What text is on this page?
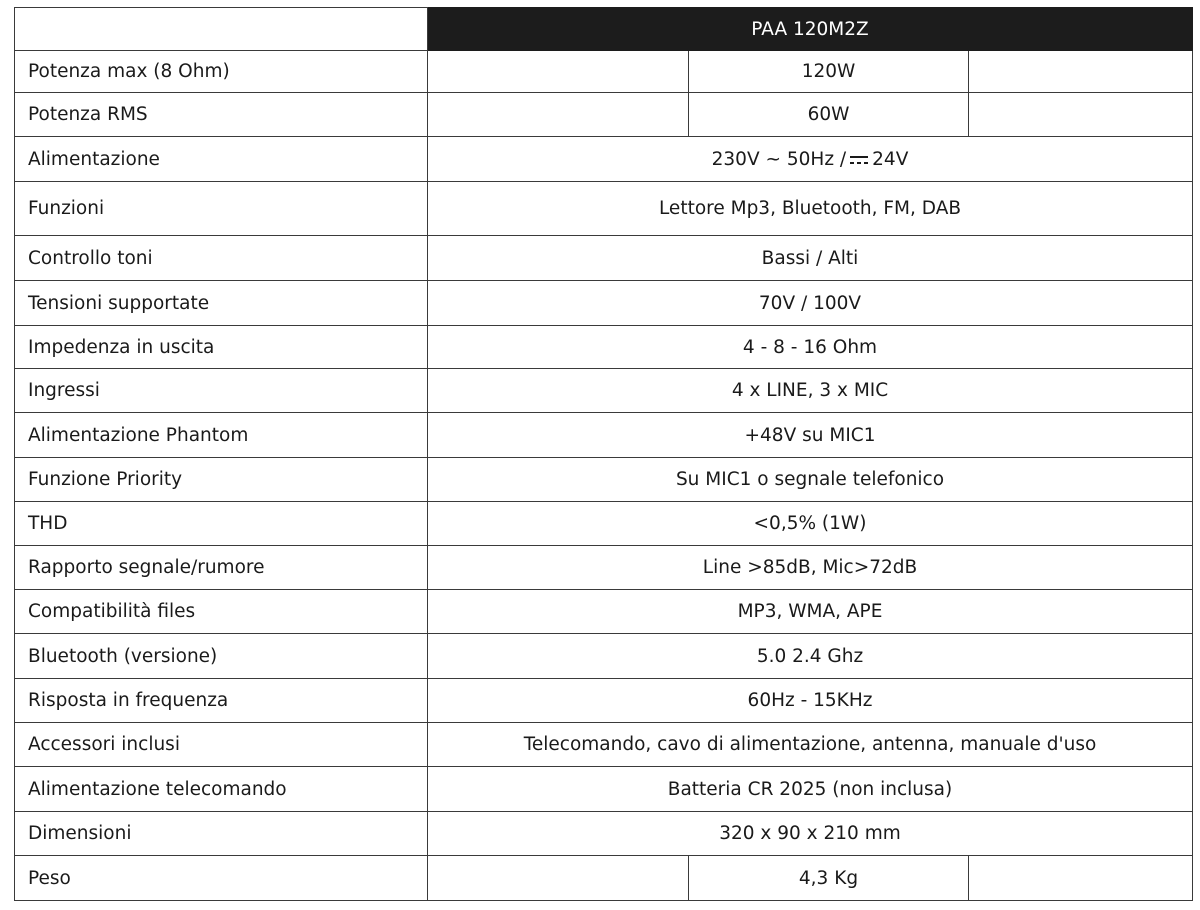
	PAA 120M2Z		
Potenza max (8 Ohm)		120W	
Potenza RMS		60W	
Alimentazione	230V ~ 50Hz / 24V		
Funzioni	Lettore Mp3, Bluetooth, FM, DAB		
Controllo toni	Bassi / Alti		
Tensioni supportate	70V / 100V		
Impedenza in uscita	4 - 8 - 16 Ohm		
Ingressi	4 x LINE, 3 x MIC		
Alimentazione Phantom	+48V su MIC1		
Funzione Priority	Su MIC1 o segnale telefonico		
THD	<0,5% (1W)		
Rapporto segnale/rumore	Line >85dB, Mic>72dB		
Compatibilità files	MP3, WMA, APE		
Bluetooth (versione)	5.0 2.4 Ghz		
Risposta in frequenza	60Hz - 15KHz		
Accessori inclusi	Telecomando, cavo di alimentazione, antenna, manuale d'uso		
Alimentazione telecomando	Batteria CR 2025 (non inclusa)		
Dimensioni	320 x 90 x 210 mm		
Peso		4,3 Kg	
